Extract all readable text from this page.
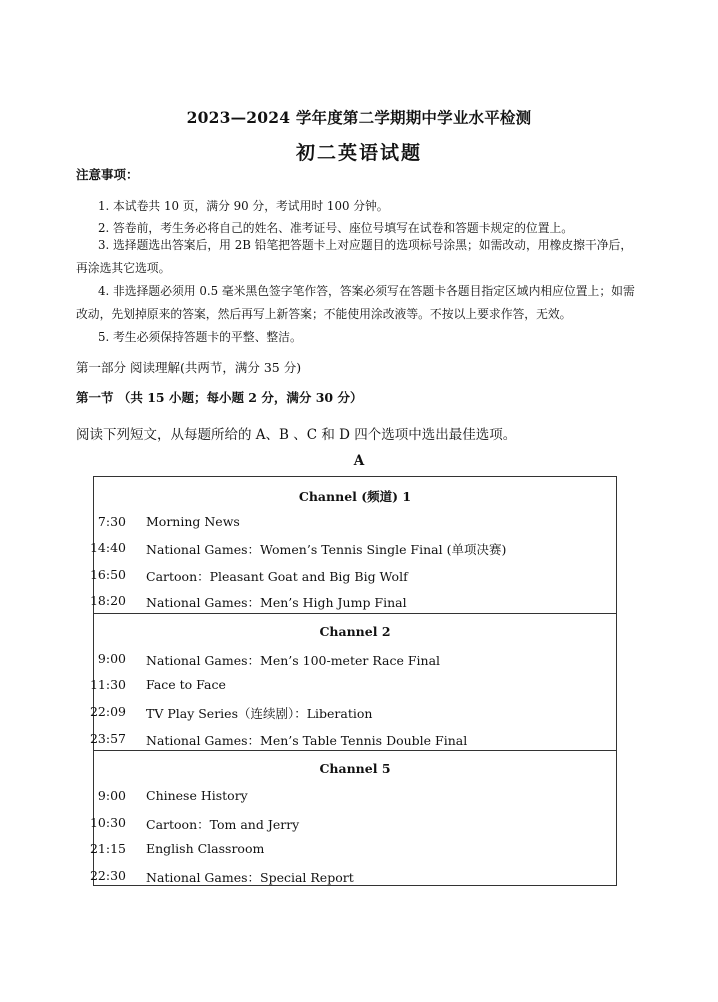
2023—2024 学年度第二学期期中学业水平检测
初二英语试题
注意事项：
1. 本试卷共 10 页，满分 90 分，考试用时 100 分钟。
2. 答卷前，考生务必将自己的姓名、准考证号、座位号填写在试卷和答题卡规定的位置上。
3. 选择题选出答案后，用 2B 铅笔把答题卡上对应题目的选项标号涂黑；如需改动，用橡皮擦干净后，
再涂选其它选项。
4. 非选择题必须用 0.5 毫米黑色签字笔作答，答案必须写在答题卡各题目指定区域内相应位置上；如需
改动，先划掉原来的答案，然后再写上新答案；不能使用涂改液等。不按以上要求作答，无效。
5. 考生必须保持答题卡的平整、整洁。
第一部分 阅读理解(共两节，满分 35 分)
第一节 （共 15 小题；每小题 2 分，满分 30 分）
阅读下列短文，从每题所给的 A、B 、C 和 D 四个选项中选出最佳选项。
A
Channel (频道) 1
7:30 Morning News
14:40 National Games：Women’s Tennis Single Final (单项决赛)
16:50 Cartoon：Pleasant Goat and Big Big Wolf
18:20 National Games：Men’s High Jump Final
Channel 2
9:00 National Games：Men’s 100-meter Race Final
11:30 Face to Face
22:09 TV Play Series（连续剧）：Liberation
23:57 National Games：Men’s Table Tennis Double Final
Channel 5
9:00 Chinese History
10:30 Cartoon：Tom and Jerry
21:15 English Classroom
22:30 National Games：Special Report
